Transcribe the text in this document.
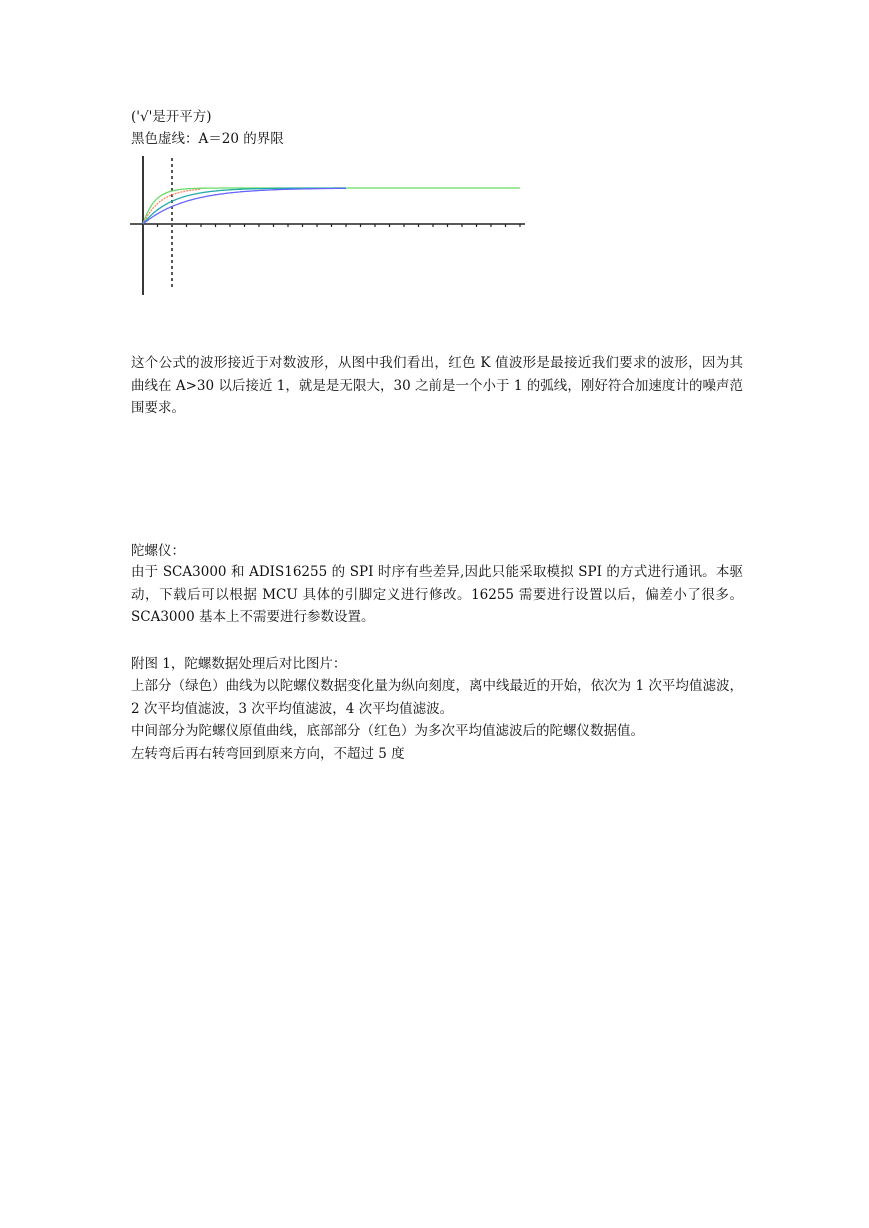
('√'是开平方)
黑色虚线：A＝20 的界限

这个公式的波形接近于对数波形，从图中我们看出，红色 K 值波形是最接近我们要求的波形，因为其曲线在 A>30 以后接近 1，就是是无限大，30 之前是一个小于 1 的弧线，刚好符合加速度计的噪声范围要求。

陀螺仪：

由于 SCA3000 和 ADIS16255 的 SPI 时序有些差异,因此只能采取模拟 SPI 的方式进行通讯。本驱动，下载后可以根据 MCU 具体的引脚定义进行修改。16255 需要进行设置以后，偏差小了很多。SCA3000 基本上不需要进行参数设置。

附图 1，陀螺数据处理后对比图片：

上部分（绿色）曲线为以陀螺仪数据变化量为纵向刻度，离中线最近的开始，依次为 1 次平均值滤波，2 次平均值滤波，3 次平均值滤波，4 次平均值滤波。

中间部分为陀螺仪原值曲线，底部部分（红色）为多次平均值滤波后的陀螺仪数据值。

左转弯后再右转弯回到原来方向，不超过 5 度
